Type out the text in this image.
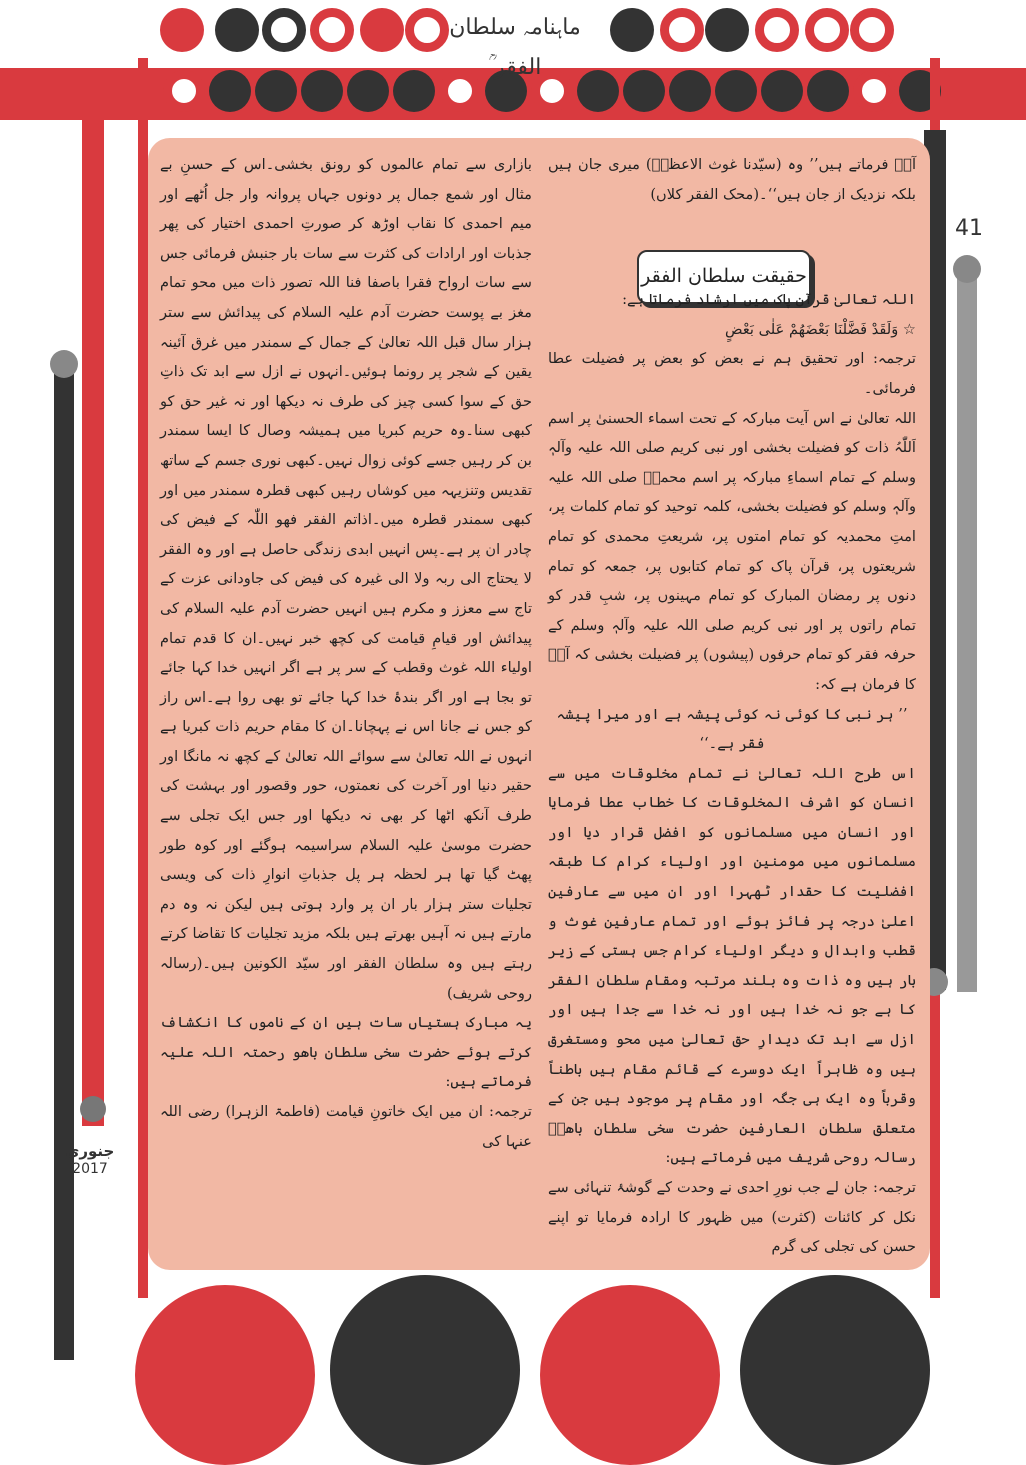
ماہنامہ سلطان الفقر ؒ
41
حقیقت سلطان الفقر

آپؒ فرماتے ہیں’’ وہ (سیّدنا غوث الاعظمؓ) میری جان ہیں بلکہ نزدیک از جان ہیں‘‘۔(محک الفقر کلاں)

اللہ تعالیٰ قرآن پاک میں ارشاد فرماتا ہے:

☆ وَلَقَدْ فَضَّلْنَا بَعْضَهُمْ عَلٰى بَعْضٍ

ترجمہ: اور تحقیق ہم نے بعض کو بعض پر فضیلت عطا فرمائی۔

اللہ تعالیٰ نے اس آیت مبارکہ کے تحت اسماء الحسنیٰ پر اسم اَللّٰہُ ذات کو فضیلت بخشی اور نبی کریم صلی اللہ علیہ وآلہٖ وسلم کے تمام اسماءِ مبارکہ پر اسم محمدؐ صلی اللہ علیہ وآلہٖ وسلم کو فضیلت بخشی، کلمہ توحید کو تمام کلمات پر، امتِ محمدیہ کو تمام امتوں پر، شریعتِ محمدی کو تمام شریعتوں پر، قرآن پاک کو تمام کتابوں پر، جمعہ کو تمام دنوں پر رمضان المبارک کو تمام مہینوں پر، شبِ قدر کو تمام راتوں پر اور نبی کریم صلی اللہ علیہ وآلہٖ وسلم کے حرفہ فقر کو تمام حرفوں (پیشوں) پر فضیلت بخشی کہ آپؐ کا فرمان ہے کہ:

’’ ہر نبی کا کوئی نہ کوئی پیشہ ہے اور میرا پیشہ فقر ہے۔‘‘

اس طرح اللہ تعالیٰ نے تمام مخلوقات میں سے انسان کو اشرف المخلوقات کا خطاب عطا فرمایا اور انسان میں مسلمانوں کو افضل قرار دیا اور مسلمانوں میں مومنین اور اولیاء کرام کا طبقہ افضلیت کا حقدار ٹھہرا اور ان میں سے عارفین اعلیٰ درجہ پر فائز ہوئے اور تمام عارفین غوث و قطب وابدال و دیگر اولیاء کرام جس ہستی کے زیر بار ہیں وہ ذات وہ بلند مرتبہ ومقام سلطان الفقر کا ہے جو نہ خدا ہیں اور نہ خدا سے جدا ہیں اور ازل سے ابد تک دیدارِ حق تعالیٰ میں محو ومستغرق ہیں وہ ظاہراً ایک دوسرے کے قائم مقام ہیں باطناً وقرباً وہ ایک ہی جگہ اور مقام پر موجود ہیں جن کے متعلق سلطان العارفین حضرت سخی سلطان باھوؒ رسالہ روحی شریف میں فرماتے ہیں:

ترجمہ: جان لے جب نورِ احدی نے وحدت کے گوشۂ تنہائی سے نکل کر کائنات (کثرت) میں ظہور کا ارادہ فرمایا تو اپنے حسن کی تجلی کی گرم

بازاری سے تمام عالموں کو رونق بخشی۔اس کے حسنِ بے مثال اور شمع جمال پر دونوں جہاں پروانہ وار جل اُٹھے اور میم احمدی کا نقاب اوڑھ کر صورتِ احمدی اختیار کی پھر جذبات اور ارادات کی کثرت سے سات بار جنبش فرمائی جس سے سات ارواح فقرا باصفا فنا اللہ تصور ذات میں محو تمام مغز بے پوست حضرت آدم علیہ السلام کی پیدائش سے ستر ہزار سال قبل اللہ تعالیٰ کے جمال کے سمندر میں غرق آئینہ یقین کے شجر پر رونما ہوئیں۔انہوں نے ازل سے ابد تک ذاتِ حق کے سوا کسی چیز کی طرف نہ دیکھا اور نہ غیر حق کو کبھی سنا۔وہ حریم کبریا میں ہمیشہ وصال کا ایسا سمندر بن کر رہیں جسے کوئی زوال نہیں۔کبھی نوری جسم کے ساتھ تقدیس وتنزیہہ میں کوشاں رہیں کبھی قطرہ سمندر میں اور کبھی سمندر قطرہ میں۔اذاتم الفقر فھو اللّٰہ کے فیض کی چادر ان پر ہے۔پس انہیں ابدی زندگی حاصل ہے اور وہ الفقر لا یحتاج الی ربہ ولا الی غیرہ کی فیض کی جاودانی عزت کے تاج سے معزز و مکرم ہیں انہیں حضرت آدم علیہ السلام کی پیدائش اور قیامِ قیامت کی کچھ خبر نہیں۔ان کا قدم تمام اولیاء اللہ غوث وقطب کے سر پر ہے اگر انہیں خدا کہا جائے تو بجا ہے اور اگر بندۂ خدا کہا جائے تو بھی روا ہے۔اس راز کو جس نے جانا اس نے پہچانا۔ان کا مقام حریم ذات کبریا ہے انہوں نے اللہ تعالیٰ سے سوائے اللہ تعالیٰ کے کچھ نہ مانگا اور حقیر دنیا اور آخرت کی نعمتوں، حور وقصور اور بہشت کی طرف آنکھ اٹھا کر بھی نہ دیکھا اور جس ایک تجلی سے حضرت موسیٰ علیہ السلام سراسیمہ ہوگئے اور کوہ طور پھٹ گیا تھا ہر لحظہ ہر پل جذباتِ انوارِ ذات کی ویسی تجلیات ستر ہزار بار ان پر وارد ہوتی ہیں لیکن نہ وہ دم مارتے ہیں نہ آہیں بھرتے ہیں بلکہ مزید تجلیات کا تقاضا کرتے رہتے ہیں وہ سلطان الفقر اور سیّد الکونین ہیں۔(رسالہ روحی شریف)

یہ مبارک ہستیاں سات ہیں ان کے ناموں کا انکشاف کرتے ہوئے حضرت سخی سلطان باھو رحمتہ اللہ علیہ فرماتے ہیں:

ترجمہ: ان میں ایک خاتونِ قیامت (فاطمۃ الزہرا) رضی اللہ عنہا کی

جنوری
2017
